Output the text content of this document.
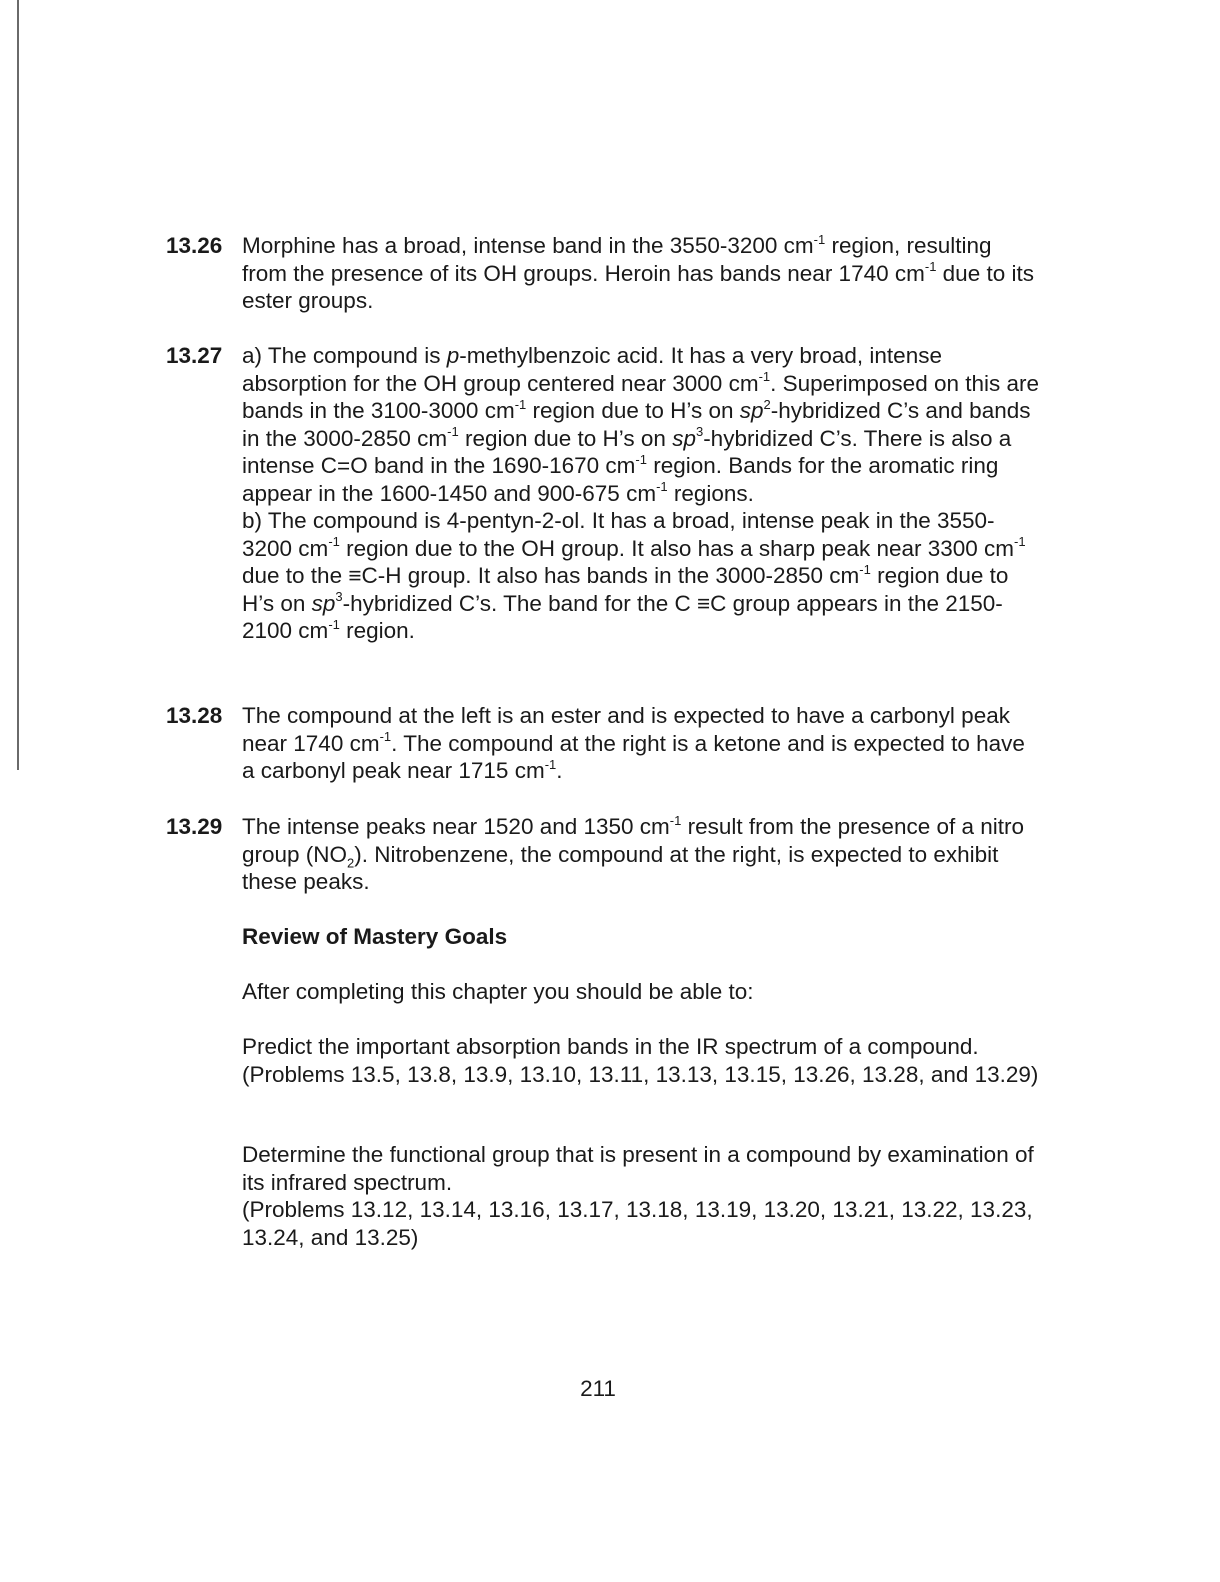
13.26 Morphine has a broad, intense band in the 3550-3200 $cm^{-1}$ region, resulting from the presence of its OH groups. Heroin has bands near 1740 $cm^{-1}$ due to its ester groups.

13.27 a) The compound is p-methylbenzoic acid. It has a very broad, intense absorption for the OH group centered near 3000 $cm^{-1}$. Superimposed on this are bands in the 3100-3000 $cm^{-1}$ region due to H’s on $sp^2$-hybridized C’s and bands in the 3000-2850 $cm^{-1}$ region due to H’s on $sp^3$-hybridized C’s. There is also a intense C=O band in the 1690-1670 $cm^{-1}$ region. Bands for the aromatic ring appear in the 1600-1450 and 900-675 $cm^{-1}$ regions.

b) The compound is 4-pentyn-2-ol. It has a broad, intense peak in the 3550-3200 $cm^{-1}$ region due to the OH group. It also has a sharp peak near 3300 $cm^{-1}$ due to the ≡C-H group. It also has bands in the 3000-2850 $cm^{-1}$ region due to H’s on $sp^3$-hybridized C’s. The band for the C ≡C group appears in the 2150-2100 $cm^{-1}$ region.

13.28 The compound at the left is an ester and is expected to have a carbonyl peak near 1740 $cm^{-1}$. The compound at the right is a ketone and is expected to have a carbonyl peak near 1715 $cm^{-1}$.

13.29 The intense peaks near 1520 and 1350 $cm^{-1}$ result from the presence of a nitro group $(NO_2)$. Nitrobenzene, the compound at the right, is expected to exhibit these peaks.

Review of Mastery Goals

After completing this chapter you should be able to:

Predict the important absorption bands in the IR spectrum of a compound.

(Problems 13.5, 13.8, 13.9, 13.10, 13.11, 13.13, 13.15, 13.26, 13.28, and 13.29)

Determine the functional group that is present in a compound by examination of its infrared spectrum.

(Problems 13.12, 13.14, 13.16, 13.17, 13.18, 13.19, 13.20, 13.21, 13.22, 13.23, 13.24, and 13.25)

211
